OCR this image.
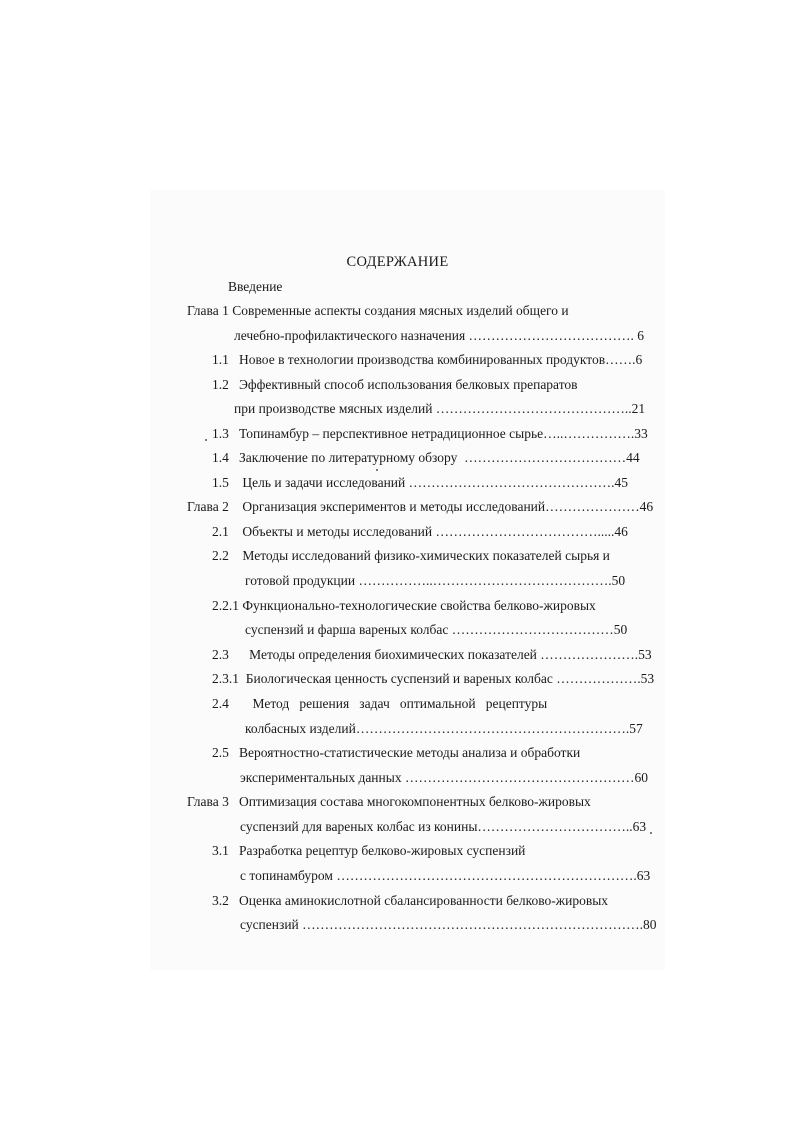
СОДЕРЖАНИЕ
Введение
Глава 1 Современные аспекты создания мясных изделий общего и
лечебно-профилактического назначения ………………………………. 6
1.1   Новое в технологии производства комбинированных продуктов…….6
1.2   Эффективный способ использования белковых препаратов
при производстве мясных изделий ……………………………………..21
1.3   Топинамбур – перспективное нетрадиционное сырье…..…………….33
1.4   Заключение по литературному обзору  ………………………………44
1.5    Цель и задачи исследований ……………………………………….45
Глава 2    Организация экспериментов и методы исследований…………………46
2.1    Объекты и методы исследований ……………………………….....46
2.2    Методы исследований физико-химических показателей сырья и
готовой продукции ……………..………………………………….50
2.2.1 Функционально-технологические свойства белково-жировых
суспензий и фарша вареных колбас ………………………………50
2.3      Методы определения биохимических показателей ………………….53
2.3.1  Биологическая ценность суспензий и вареных колбас ……………….53
2.4       Метод   решения   задач   оптимальной   рецептуры
колбасных изделий…………………………………………………….57
2.5   Вероятностно-статистические методы анализа и обработки
экспериментальных данных ……………………………………………60
Глава 3   Оптимизация состава многокомпонентных белково-жировых
суспензий для вареных колбас из конины……………………………..63
3.1   Разработка рецептур белково-жировых суспензий
с топинамбуром ………………………………………………………….63
3.2   Оценка аминокислотной сбалансированности белково-жировых
суспензий ………………………………………………………………….80
